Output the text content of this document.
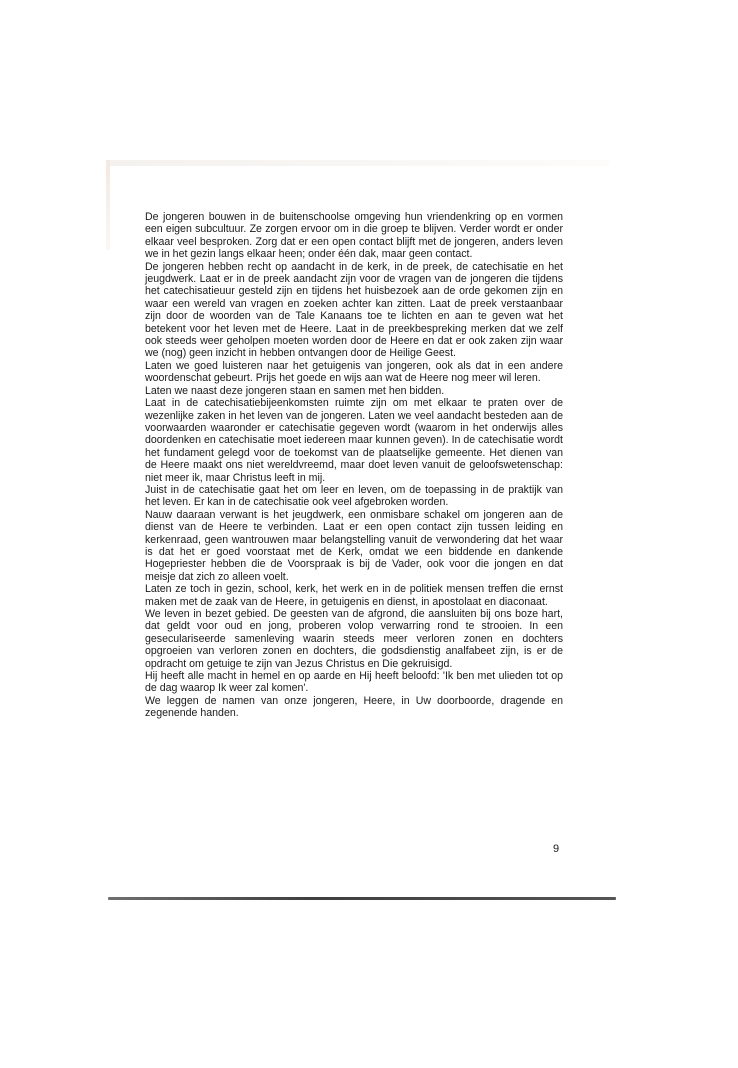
De jongeren bouwen in de buitenschoolse omgeving hun vriendenkring op en vormen een eigen subcultuur. Ze zorgen ervoor om in die groep te blijven. Verder wordt er onder elkaar veel besproken. Zorg dat er een open contact blijft met de jongeren, anders leven we in het gezin langs elkaar heen; onder één dak, maar geen contact.

De jongeren hebben recht op aandacht in de kerk, in de preek, de catechisatie en het jeugdwerk. Laat er in de preek aandacht zijn voor de vragen van de jongeren die tijdens het catechisatieuur gesteld zijn en tijdens het huisbezoek aan de orde gekomen zijn en waar een wereld van vragen en zoeken achter kan zitten. Laat de preek verstaanbaar zijn door de woorden van de Tale Kanaans toe te lichten en aan te geven wat het betekent voor het leven met de Heere. Laat in de preekbespreking merken dat we zelf ook steeds weer geholpen moeten worden door de Heere en dat er ook zaken zijn waar we (nog) geen inzicht in hebben ontvangen door de Heilige Geest.

Laten we goed luisteren naar het getuigenis van jongeren, ook als dat in een andere woordenschat gebeurt. Prijs het goede en wijs aan wat de Heere nog meer wil leren.

Laten we naast deze jongeren staan en samen met hen bidden.

Laat in de catechisatiebijeenkomsten ruimte zijn om met elkaar te praten over de wezenlijke zaken in het leven van de jongeren. Laten we veel aandacht besteden aan de voorwaarden waaronder er catechisatie gegeven wordt (waarom in het onderwijs alles doordenken en catechisatie moet iedereen maar kunnen geven). In de catechisatie wordt het fundament gelegd voor de toekomst van de plaatselijke gemeente. Het dienen van de Heere maakt ons niet wereldvreemd, maar doet leven vanuit de geloofswetenschap: niet meer ik, maar Christus leeft in mij.

Juist in de catechisatie gaat het om leer en leven, om de toepassing in de praktijk van het leven. Er kan in de catechisatie ook veel afgebroken worden.

Nauw daaraan verwant is het jeugdwerk, een onmisbare schakel om jongeren aan de dienst van de Heere te verbinden. Laat er een open contact zijn tussen leiding en kerkenraad, geen wantrouwen maar belangstelling vanuit de verwondering dat het waar is dat het er goed voorstaat met de Kerk, omdat we een biddende en dankende Hogepriester hebben die de Voorspraak is bij de Vader, ook voor die jongen en dat meisje dat zich zo alleen voelt.

Laten ze toch in gezin, school, kerk, het werk en in de politiek mensen treffen die ernst maken met de zaak van de Heere, in getuigenis en dienst, in apostolaat en diaconaat.

We leven in bezet gebied. De geesten van de afgrond, die aansluiten bij ons boze hart, dat geldt voor oud en jong, proberen volop verwarring rond te strooien. In een geseculariseerde samenleving waarin steeds meer verloren zonen en dochters opgroeien van verloren zonen en dochters, die godsdienstig analfabeet zijn, is er de opdracht om getuige te zijn van Jezus Christus en Die gekruisigd.

Hij heeft alle macht in hemel en op aarde en Hij heeft beloofd: 'Ik ben met ulieden tot op de dag waarop Ik weer zal komen'.

We leggen de namen van onze jongeren, Heere, in Uw doorboorde, dragende en zegenende handen.

9
